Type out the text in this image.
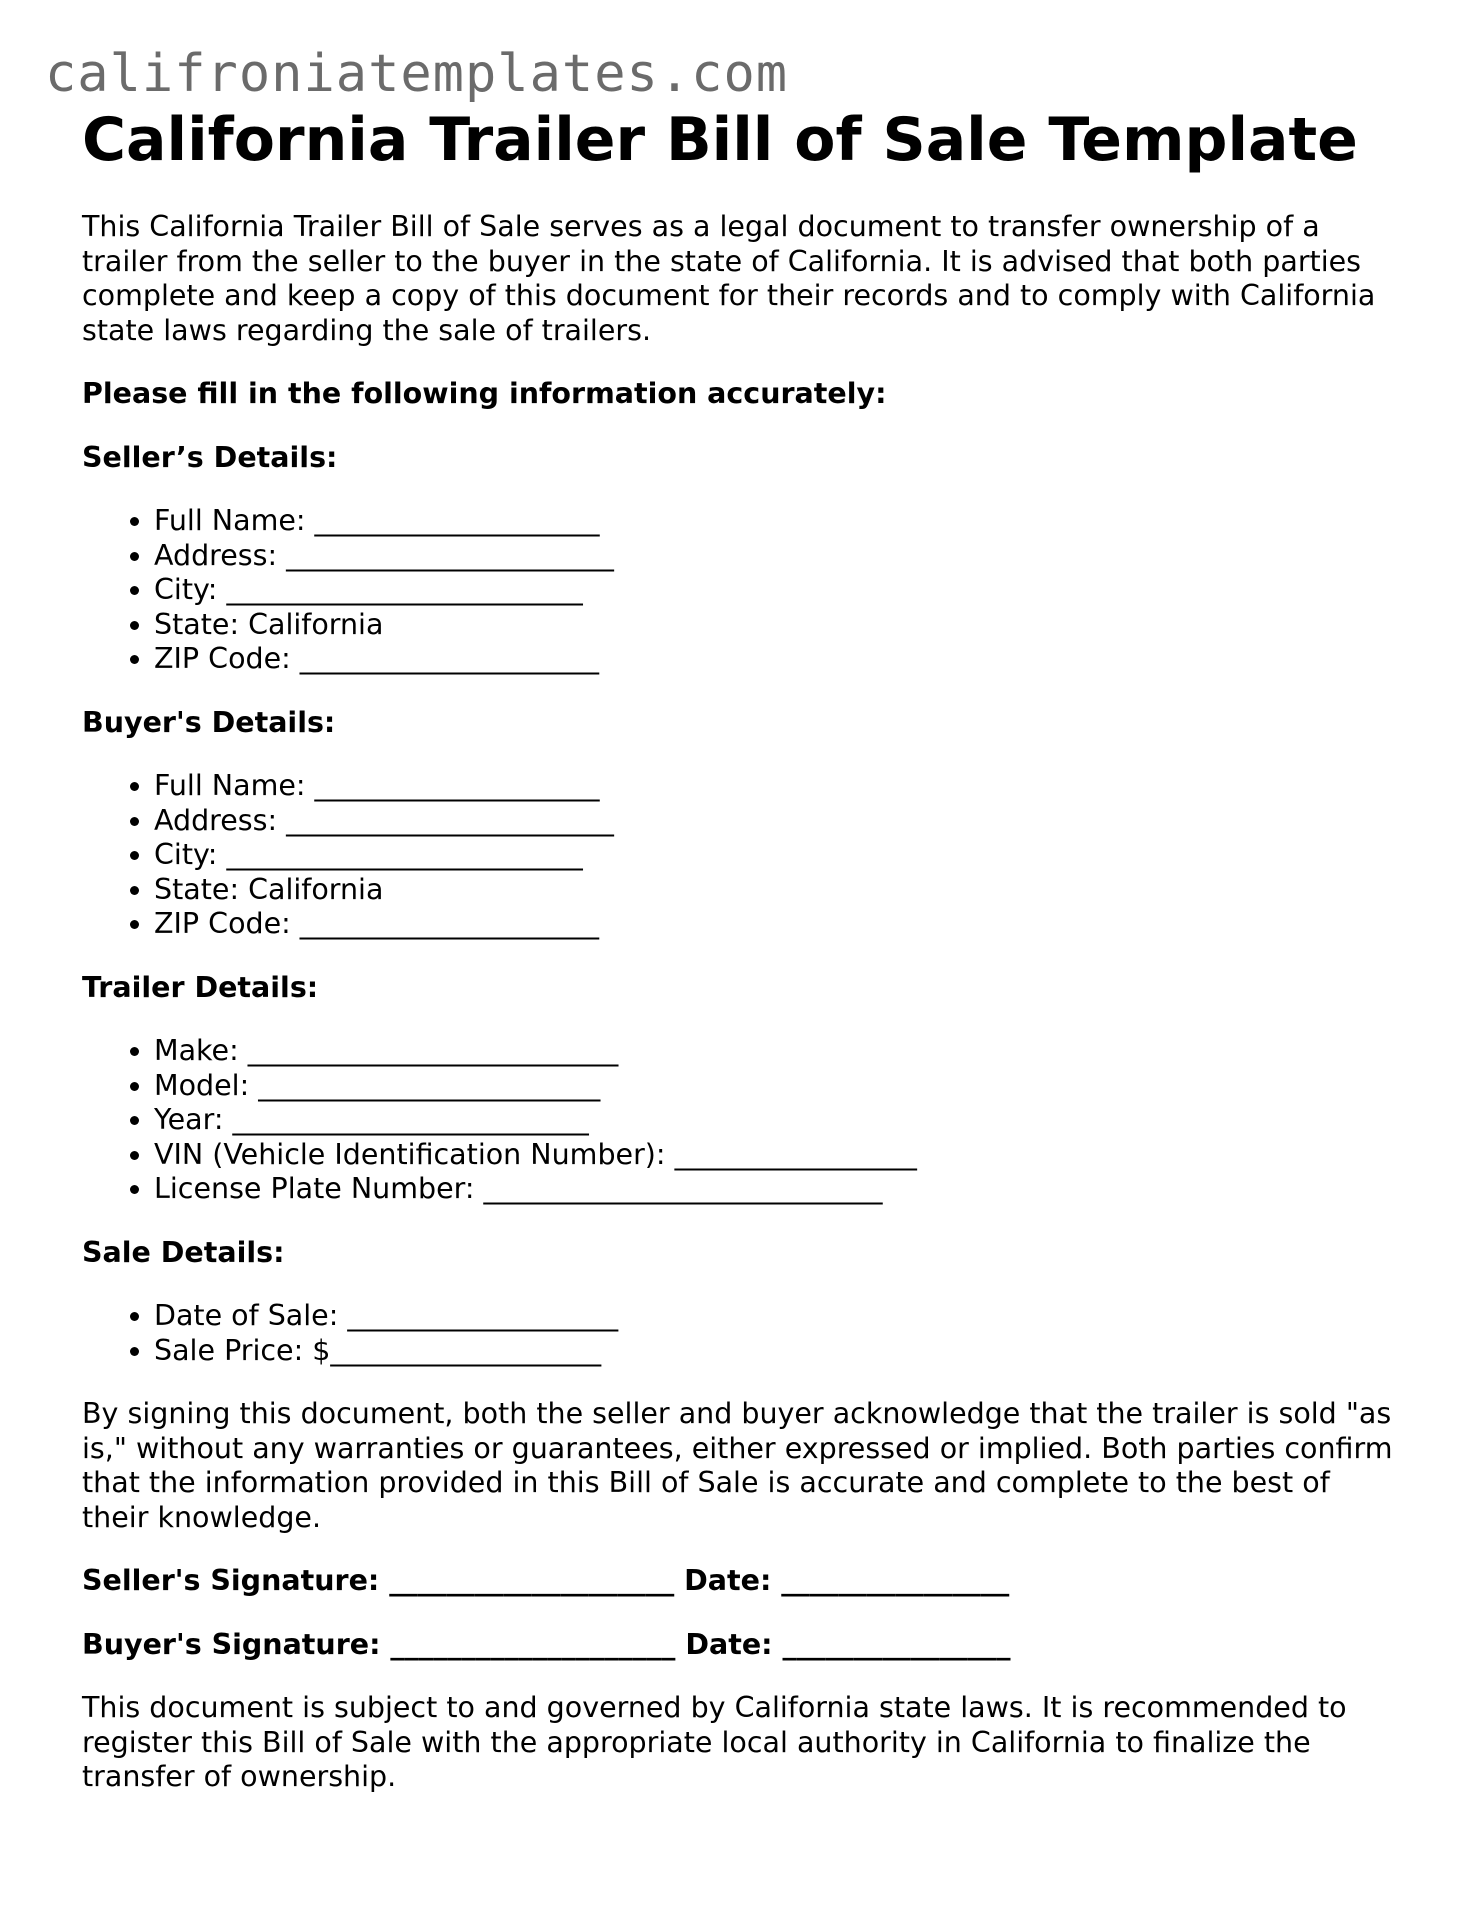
califroniatemplates.com
California Trailer Bill of Sale Template

This California Trailer Bill of Sale serves as a legal document to transfer ownership of a trailer from the seller to the buyer in the state of California. It is advised that both parties complete and keep a copy of this document for their records and to comply with California state laws regarding the sale of trailers.

Please fill in the following information accurately:
Seller’s Details:
• Full Name: ____________________
• Address: _______________________
• City: _________________________
• State: California
• ZIP Code: _____________________
Buyer's Details:
• Full Name: ____________________
• Address: _______________________
• City: _________________________
• State: California
• ZIP Code: _____________________
Trailer Details:
• Make: __________________________
• Model: ________________________
• Year: _________________________
• VIN (Vehicle Identification Number): _________________
• License Plate Number: ____________________________
Sale Details:
• Date of Sale: ___________________
• Sale Price: $___________________

By signing this document, both the seller and buyer acknowledge that the trailer is sold "as is," without any warranties or guarantees, either expressed or implied. Both parties confirm that the information provided in this Bill of Sale is accurate and complete to the best of their knowledge.

Seller's Signature: ____________________ Date: ________________
Buyer's Signature: ____________________ Date: ________________

This document is subject to and governed by California state laws. It is recommended to register this Bill of Sale with the appropriate local authority in California to finalize the transfer of ownership.
